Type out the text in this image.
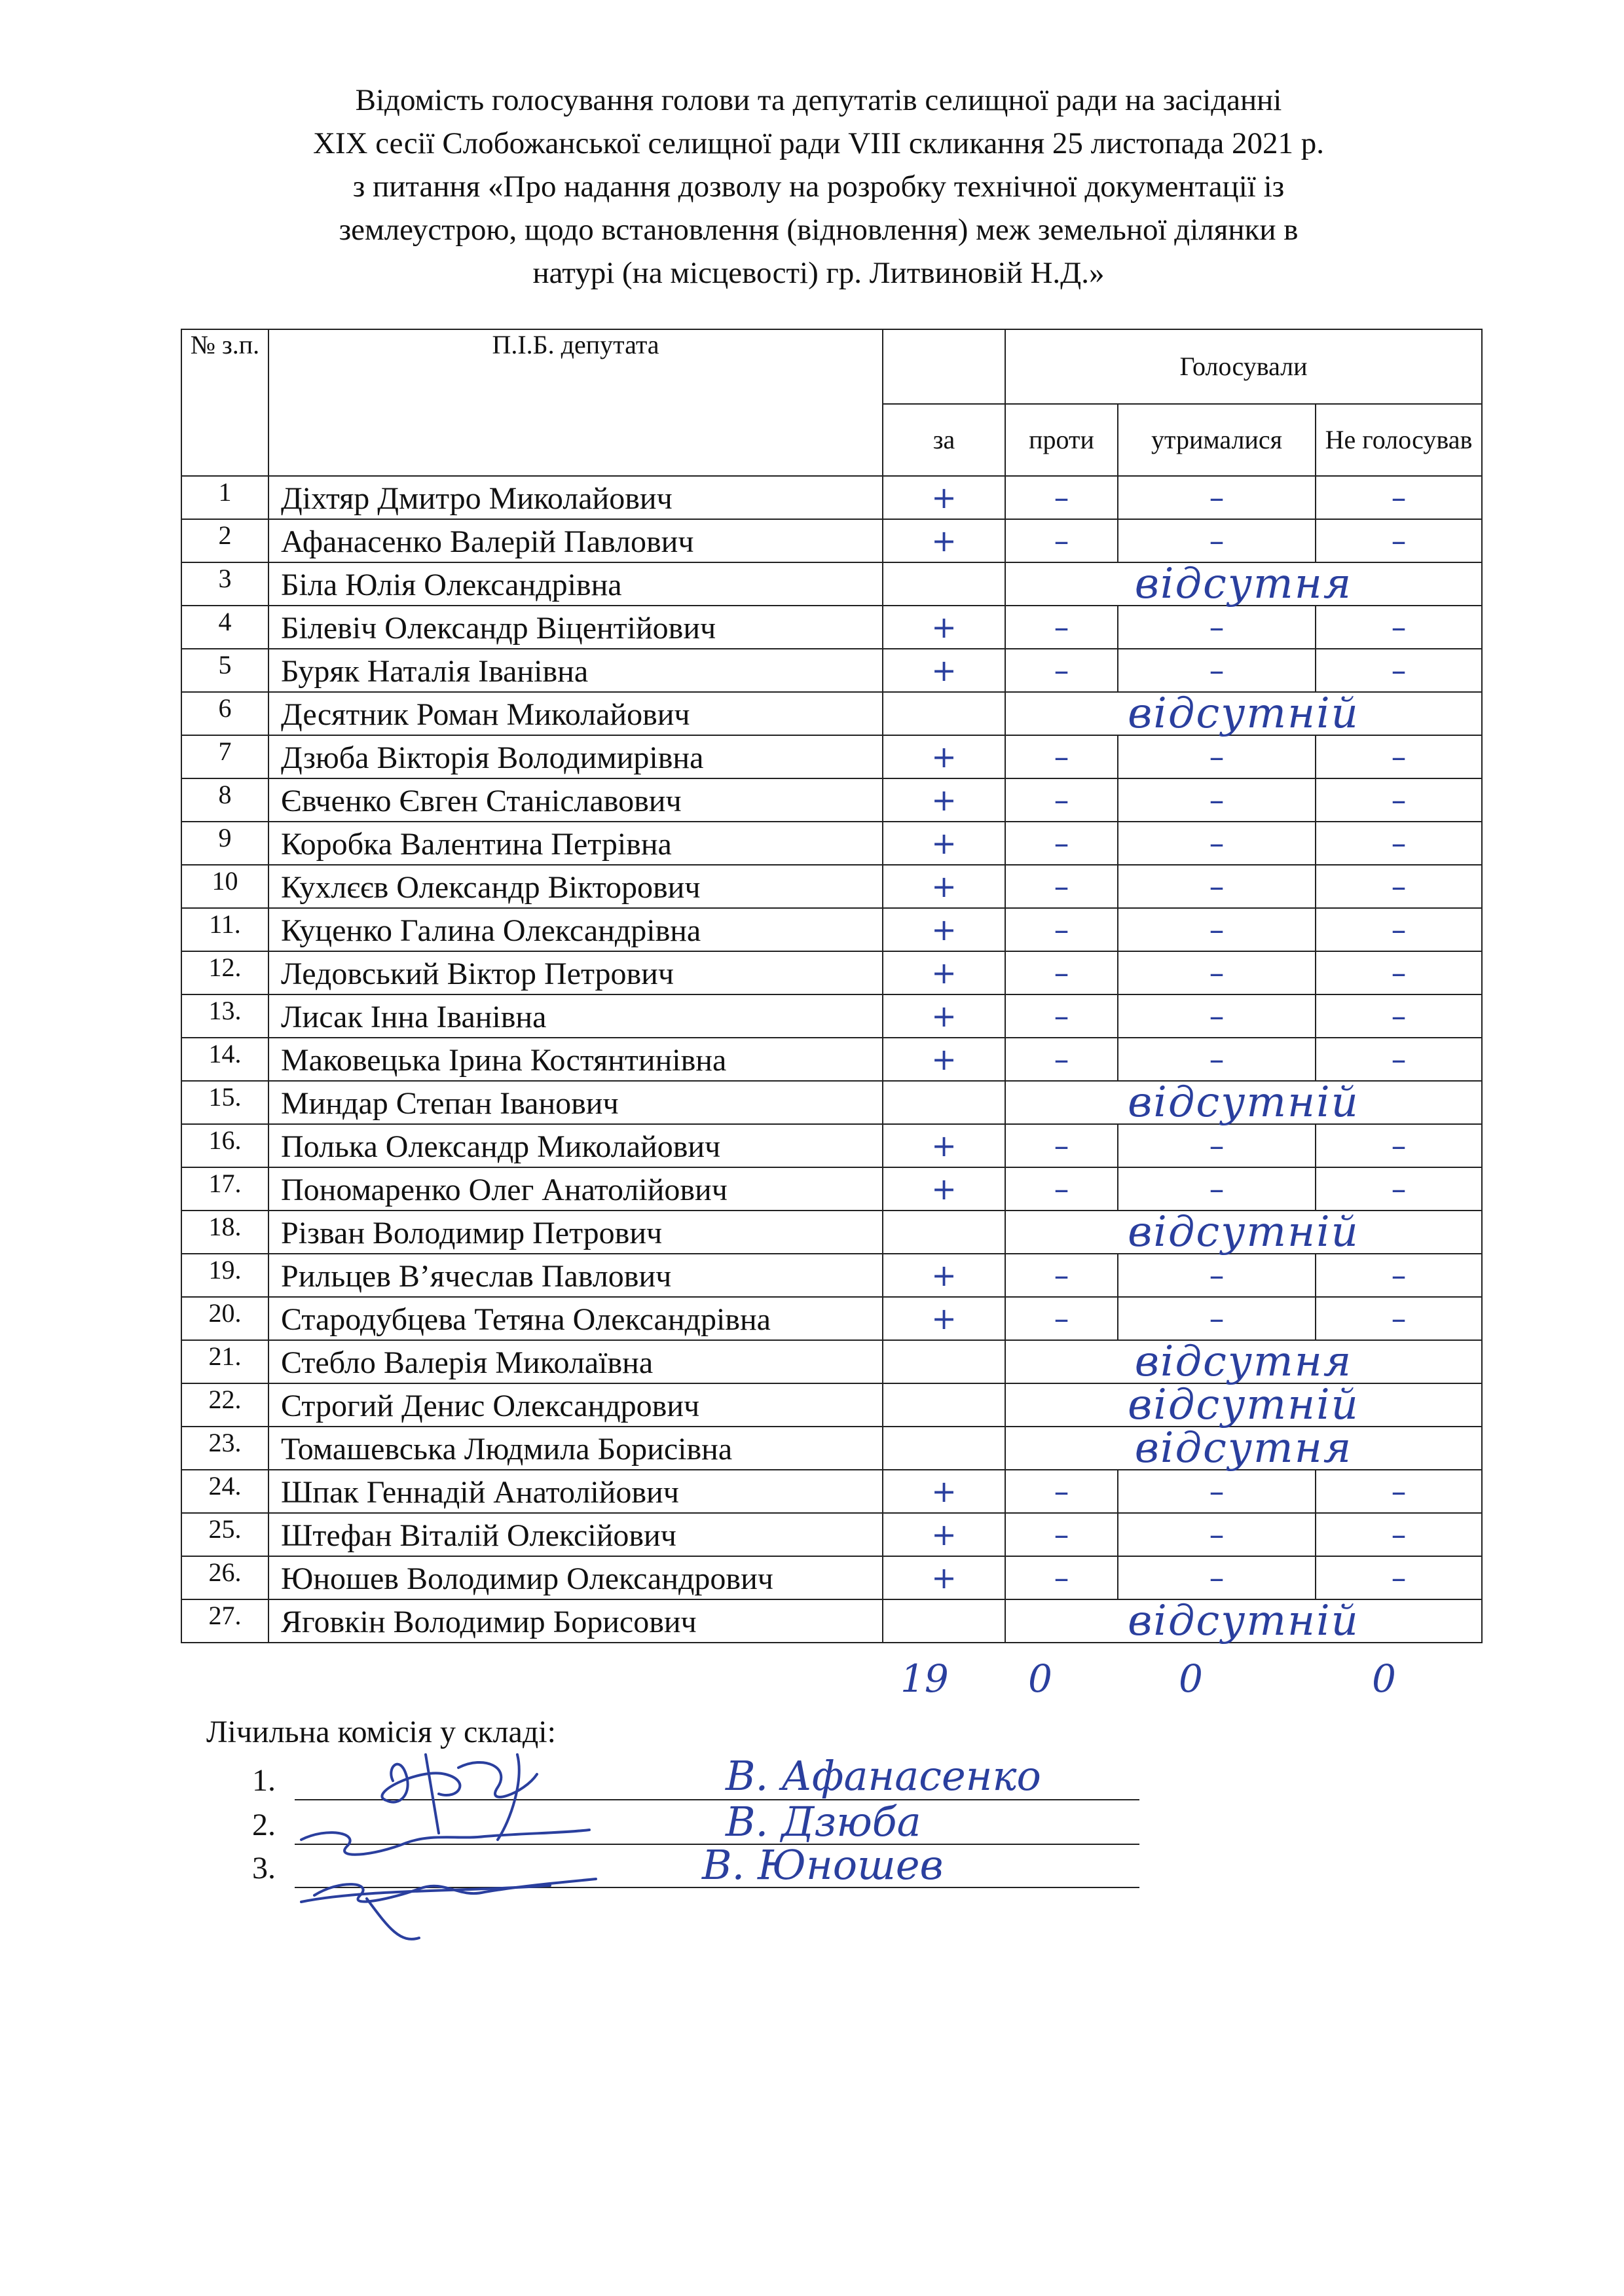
Відомість голосування голови та депутатів селищної ради на засіданні
XIX сесії Слобожанської селищної ради VIII скликання 25 листопада 2021 р.
з питання «Про надання дозволу на розробку технічної документації із
землеустрою, щодо встановлення (відновлення) меж земельної ділянки в
натурі (на місцевості) гр. Литвиновій Н.Д.»
№ з.п.	П.І.Б. депутата		Голосували		
		за	проти	утрималися	Не голосував
1	Діхтяр Дмитро Миколайович	+	–	–	–
2	Афанасенко Валерій Павлович	+	–	–	–
3	Біла Юлія Олександрівна		відсутня		
4	Білевіч Олександр Віцентійович	+	–	–	–
5	Буряк Наталія Іванівна	+	–	–	–
6	Десятник Роман Миколайович		відсутній		
7	Дзюба Вікторія Володимирівна	+	–	–	–
8	Євченко Євген Станіславович	+	–	–	–
9	Коробка Валентина Петрівна	+	–	–	–
10	Кухлєєв Олександр Вікторович	+	–	–	–
11.	Куценко Галина Олександрівна	+	–	–	–
12.	Ледовський Віктор Петрович	+	–	–	–
13.	Лисак Інна Іванівна	+	–	–	–
14.	Маковецька Ірина Костянтинівна	+	–	–	–
15.	Миндар Степан Іванович		відсутній		
16.	Полька Олександр Миколайович	+	–	–	–
17.	Пономаренко Олег Анатолійович	+	–	–	–
18.	Різван Володимир Петрович		відсутній		
19.	Рильцев В’ячеслав Павлович	+	–	–	–
20.	Стародубцева Тетяна Олександрівна	+	–	–	–
21.	Стебло Валерія Миколаївна		відсутня		
22.	Строгий Денис Олександрович		відсутній		
23.	Томашевська Людмила Борисівна		відсутня		
24.	Шпак Геннадій Анатолійович	+	–	–	–
25.	Штефан Віталій Олексійович	+	–	–	–
26.	Юношев Володимир Олександрович	+	–	–	–
27.	Яговкін Володимир Борисович		відсутній		
19 0	0	0
Лічильна комісія у складі:
1.
2.
3.
В. Афанасенко
В. Дзюба
В. Юношев
